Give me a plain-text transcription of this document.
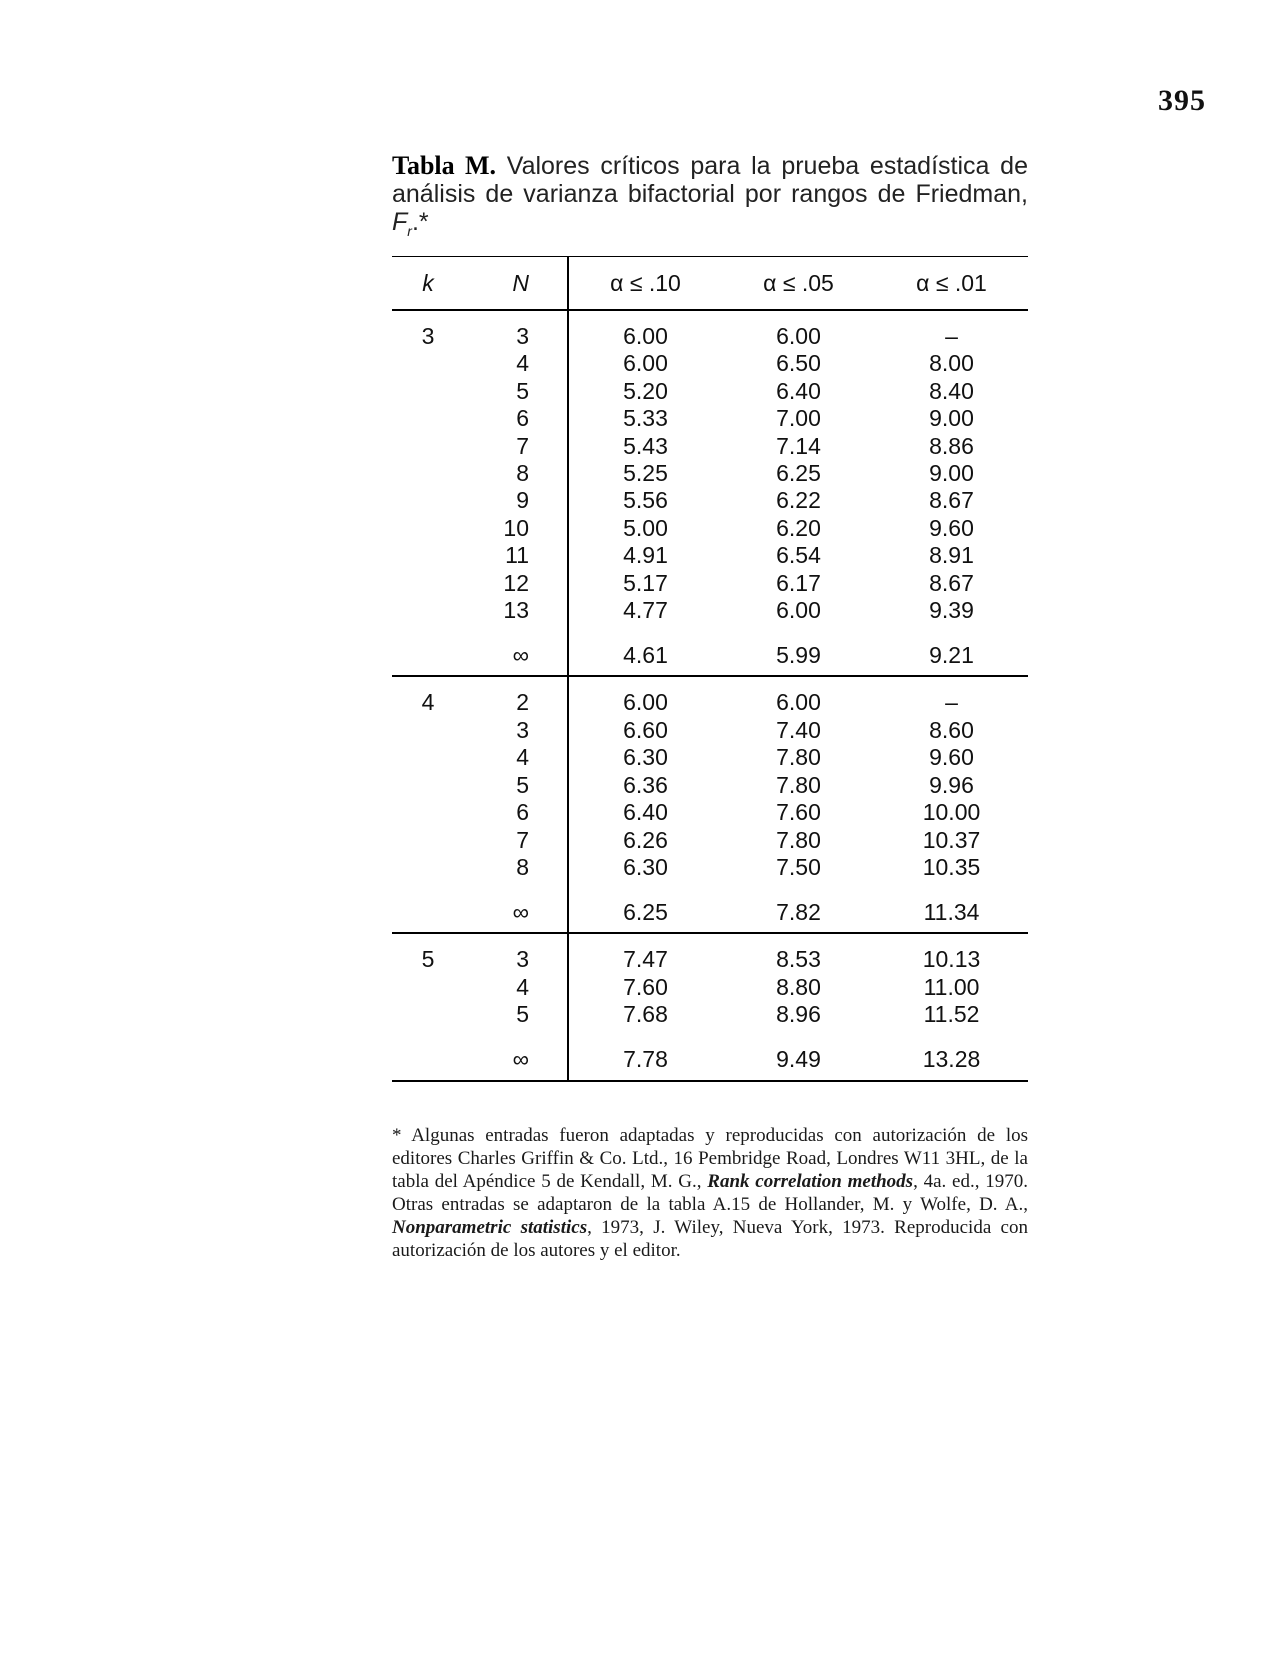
395
Tabla M. Valores críticos para la prueba estadística de análisis de varianza bifactorial por rangos de Friedman, $F_r.*$
k	N	α ≤ .10	α ≤ .05	α ≤ .01
3	3	6.00	6.00	–
	4	6.00	6.50	8.00
	5	5.20	6.40	8.40
	6	5.33	7.00	9.00
	7	5.43	7.14	8.86
	8	5.25	6.25	9.00
	9	5.56	6.22	8.67
	10	5.00	6.20	9.60
	11	4.91	6.54	8.91
	12	5.17	6.17	8.67
	13	4.77	6.00	9.39
	∞	4.61	5.99	9.21
4	2	6.00	6.00	–
	3	6.60	7.40	8.60
	4	6.30	7.80	9.60
	5	6.36	7.80	9.96
	6	6.40	7.60	10.00
	7	6.26	7.80	10.37
	8	6.30	7.50	10.35
	∞	6.25	7.82	11.34
5	3	7.47	8.53	10.13
	4	7.60	8.80	11.00
	5	7.68	8.96	11.52
	∞	7.78	9.49	13.28
* Algunas entradas fueron adaptadas y reproducidas con autorización de los editores Charles Griffin & Co. Ltd., 16 Pembridge Road, Londres W11 3HL, de la tabla del Apéndice 5 de Kendall, M. G., Rank correlation methods, 4a. ed., 1970. Otras entradas se adaptaron de la tabla A.15 de Hollander, M. y Wolfe, D. A., Nonparametric statistics, 1973, J. Wiley, Nueva York, 1973. Reproducida con autorización de los autores y el editor.
